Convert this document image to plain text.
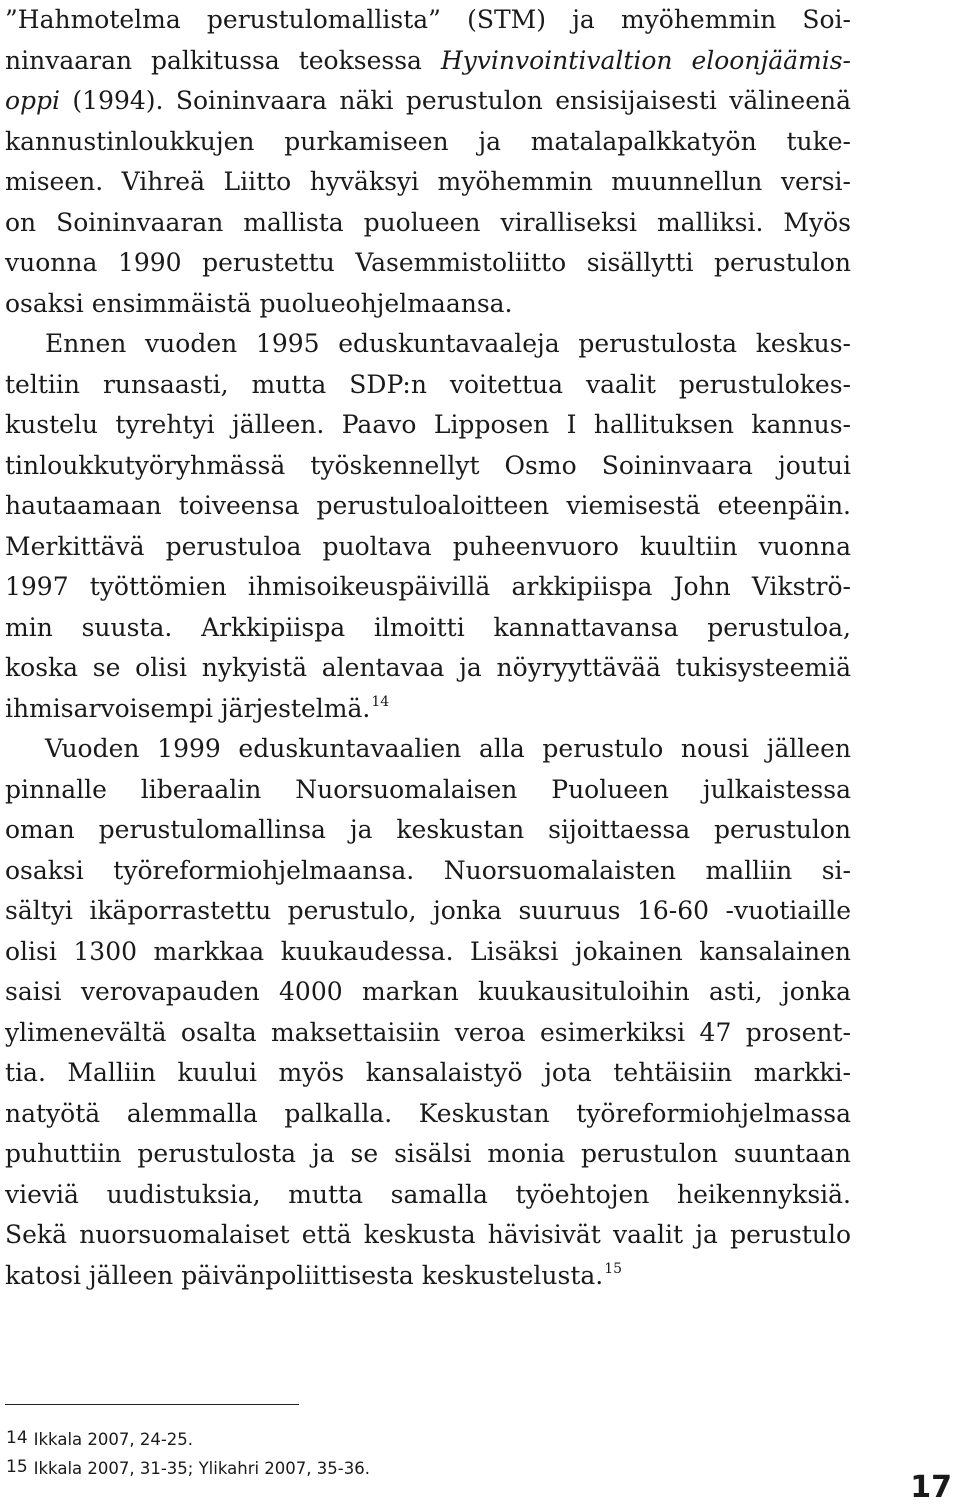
”Hahmotelma perustulomallista” (STM) ja myöhemmin Soi-
ninvaaran palkitussa teoksessa Hyvinvointivaltion eloonjäämis-
oppi (1994). Soininvaara näki perustulon ensisijaisesti välineenä
kannustinloukkujen purkamiseen ja matalapalkkatyön tuke-
miseen. Vihreä Liitto hyväksyi myöhemmin muunnellun versi-
on Soininvaaran mallista puolueen viralliseksi malliksi. Myös
vuonna 1990 perustettu Vasemmistoliitto sisällytti perustulon
osaksi ensimmäistä puolueohjelmaansa.
Ennen vuoden 1995 eduskuntavaaleja perustulosta keskus-
teltiin runsaasti, mutta SDP:n voitettua vaalit perustulokes-
kustelu tyrehtyi jälleen. Paavo Lipposen I hallituksen kannus-
tinloukkutyöryhmässä työskennellyt Osmo Soininvaara joutui
hautaamaan toiveensa perustuloaloitteen viemisestä eteenpäin.
Merkittävä perustuloa puoltava puheenvuoro kuultiin vuonna
1997 työttömien ihmisoikeuspäivillä arkkipiispa John Vikströ-
min suusta. Arkkipiispa ilmoitti kannattavansa perustuloa,
koska se olisi nykyistä alentavaa ja nöyryyttävää tukisysteemiä
ihmisarvoisempi järjestelmä.$^{14}$
Vuoden 1999 eduskuntavaalien alla perustulo nousi jälleen
pinnalle liberaalin Nuorsuomalaisen Puolueen julkaistessa
oman perustulomallinsa ja keskustan sijoittaessa perustulon
osaksi työreformiohjelmaansa. Nuorsuomalaisten malliin si-
sältyi ikäporrastettu perustulo, jonka suuruus 16-60 -vuotiaille
olisi 1300 markkaa kuukaudessa. Lisäksi jokainen kansalainen
saisi verovapauden 4000 markan kuukausituloihin asti, jonka
ylimenevältä osalta maksettaisiin veroa esimerkiksi 47 prosent-
tia. Malliin kuului myös kansalaistyö jota tehtäisiin markki-
natyötä alemmalla palkalla. Keskustan työreformiohjelmassa
puhuttiin perustulosta ja se sisälsi monia perustulon suuntaan
vieviä uudistuksia, mutta samalla työehtojen heikennyksiä.
Sekä nuorsuomalaiset että keskusta hävisivät vaalit ja perustulo
katosi jälleen päivänpoliittisesta keskustelusta.$^{15}$
14 Ikkala 2007, 24-25.
15 Ikkala 2007, 31-35; Ylikahri 2007, 35-36.
17
